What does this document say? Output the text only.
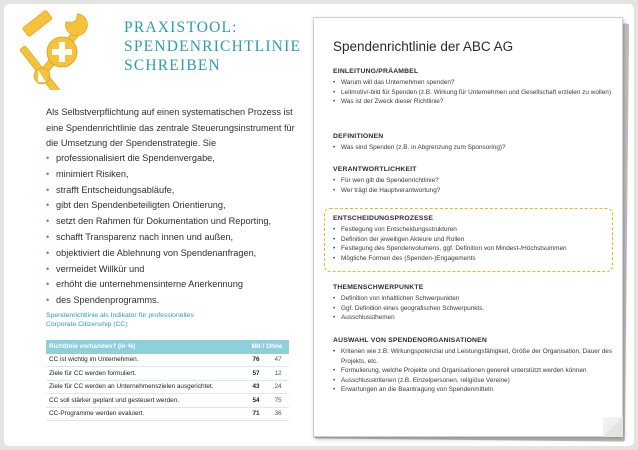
PRAXISTOOL:
SPENDENRICHTLINIE
SCHREIBEN

Als Selbstverpflichtung auf einen systematischen Prozess ist eine Spendenrichtlinie das zentrale Steuerungsinstrument für die Umsetzung der Spendenstrategie. Sie

• professionalisiert die Spendenvergabe,
• minimiert Risiken,
• strafft Entscheidungsabläufe,
• gibt den Spendenbeteiligten Orientierung,
• setzt den Rahmen für Dokumentation und Reporting,
• schafft Transparenz nach innen und außen,
• objektiviert die Ablehnung von Spendenanfragen,
• vermeidet Willkür und
• erhöht die unternehmensinterne Anerkennung
• des Spendenprogramms.
Spendenrichtlinie als Indikator für professionelles
Corporate Citizenship (CC)
Richtlinie vorhanden? (in %)	Mit / Ohne
CC ist wichtig im Unternehmen.	76	47
Ziele für CC werden formuliert.	57	12
Ziele für CC werden an Unternehmenszielen ausgerichtet.	43	24
CC soll stärker geplant und gesteuert werden.	54	75
CC-Programme werden evaluiert.	71	36
Spendenrichtlinie der ABC AG
EINLEITUNG/PRÄAMBEL
• Warum will das Unternehmen spenden?
• Leitmotiv/-bild für Spenden (z.B. Wirkung für Unternehmen und Gesellschaft erzielen zu wollen)
• Was ist der Zweck dieser Richtlinie?
DEFINITIONEN
• Was sind Spenden (z.B. in Abgrenzung zum Sponsoring)?
VERANTWORTLICHKEIT
• Für wen gilt die Spendenrichtlinie?
• Wer trägt die Hauptverantwortung?
ENTSCHEIDUNGSPROZESSE
• Festlegung von Entscheidungsstrukturen
• Definition der jeweiligen Akteure und Rollen
• Festlegung des Spendenvolumens, ggf. Definition von Mindest-/Höchstsummen
• Mögliche Formen des (Spenden-)Engagements
THEMENSCHWERPUNKTE
• Definition von inhaltlichen Schwerpunkten
• Ggf. Definition eines geografischen Schwerpunkts.
• Ausschlussthemen
AUSWAHL VON SPENDENORGANISATIONEN
• Kriterien wie z.B. Wirkungspotenzial und Leistungsfähigkeit, Größe der Organisation, Dauer des Projekts, etc.
• Formulierung, welche Projekte und Organisationen generell unterstützt werden können
• Ausschlusskriterien (z.B. Einzelpersonen, religiöse Vereine)
• Erwartungen an die Beantragung von Spendenmitteln
